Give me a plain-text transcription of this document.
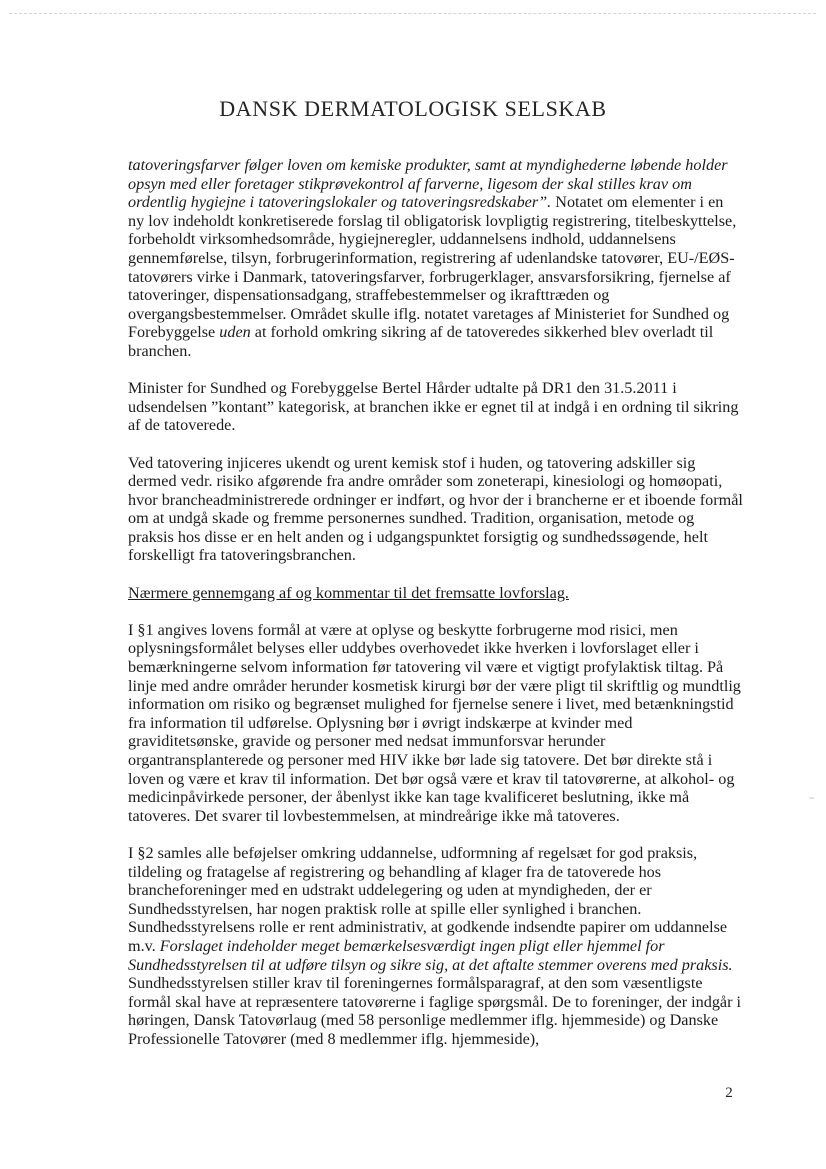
DANSK DERMATOLOGISK SELSKAB

tatoveringsfarver følger loven om kemiske produkter, samt at myndighederne løbende holder opsyn med eller foretager stikprøvekontrol af farverne, ligesom der skal stilles krav om ordentlig hygiejne i tatoveringslokaler og tatoveringsredskaber”. Notatet om elementer i en ny lov indeholdt konkretiserede forslag til obligatorisk lovpligtig registrering, titelbeskyttelse, forbeholdt virksomhedsområde, hygiejneregler, uddannelsens indhold, uddannelsens gennemførelse, tilsyn, forbrugerinformation, registrering af udenlandske tatovører, EU-/EØS-tatovørers virke i Danmark, tatoveringsfarver, forbrugerklager, ansvarsforsikring, fjernelse af tatoveringer, dispensationsadgang, straffebestemmelser og ikrafttræden og overgangsbestemmelser. Området skulle iflg. notatet varetages af Ministeriet for Sundhed og Forebyggelse uden at forhold omkring sikring af de tatoveredes sikkerhed blev overladt til branchen.

Minister for Sundhed og Forebyggelse Bertel Hårder udtalte på DR1 den 31.5.2011 i udsendelsen ”kontant” kategorisk, at branchen ikke er egnet til at indgå i en ordning til sikring af de tatoverede.

Ved tatovering injiceres ukendt og urent kemisk stof i huden, og tatovering adskiller sig dermed vedr. risiko afgørende fra andre områder som zoneterapi, kinesiologi og homøopati, hvor brancheadministrerede ordninger er indført, og hvor der i brancherne er et iboende formål om at undgå skade og fremme personernes sundhed. Tradition, organisation, metode og praksis hos disse er en helt anden og i udgangspunktet forsigtig og sundhedssøgende, helt forskelligt fra tatoveringsbranchen.

Nærmere gennemgang af og kommentar til det fremsatte lovforslag.

I §1 angives lovens formål at være at oplyse og beskytte forbrugerne mod risici, men oplysningsformålet belyses eller uddybes overhovedet ikke hverken i lovforslaget eller i bemærkningerne selvom information før tatovering vil være et vigtigt profylaktisk tiltag. På linje med andre områder herunder kosmetisk kirurgi bør der være pligt til skriftlig og mundtlig information om risiko og begrænset mulighed for fjernelse senere i livet, med betænkningstid fra information til udførelse. Oplysning bør i øvrigt indskærpe at kvinder med graviditetsønske, gravide og personer med nedsat immunforsvar herunder organtransplanterede og personer med HIV ikke bør lade sig tatovere. Det bør direkte stå i loven og være et krav til information. Det bør også være et krav til tatovørerne, at alkohol- og medicinpåvirkede personer, der åbenlyst ikke kan tage kvalificeret beslutning, ikke må tatoveres. Det svarer til lovbestemmelsen, at mindreårige ikke må tatoveres.

I §2 samles alle beføjelser omkring uddannelse, udformning af regelsæt for god praksis, tildeling og fratagelse af registrering og behandling af klager fra de tatoverede hos brancheforeninger med en udstrakt uddelegering og uden at myndigheden, der er Sundhedsstyrelsen, har nogen praktisk rolle at spille eller synlighed i branchen. Sundhedsstyrelsens rolle er rent administrativ, at godkende indsendte papirer om uddannelse m.v. Forslaget indeholder meget bemærkelsesværdigt ingen pligt eller hjemmel for Sundhedsstyrelsen til at udføre tilsyn og sikre sig, at det aftalte stemmer overens med praksis. Sundhedsstyrelsen stiller krav til foreningernes formålsparagraf, at den som væsentligste formål skal have at repræsentere tatovørerne i faglige spørgsmål. De to foreninger, der indgår i høringen, Dansk Tatovørlaug (med 58 personlige medlemmer iflg. hjemmeside) og Danske Professionelle Tatovører (med 8 medlemmer iflg. hjemmeside),

2
